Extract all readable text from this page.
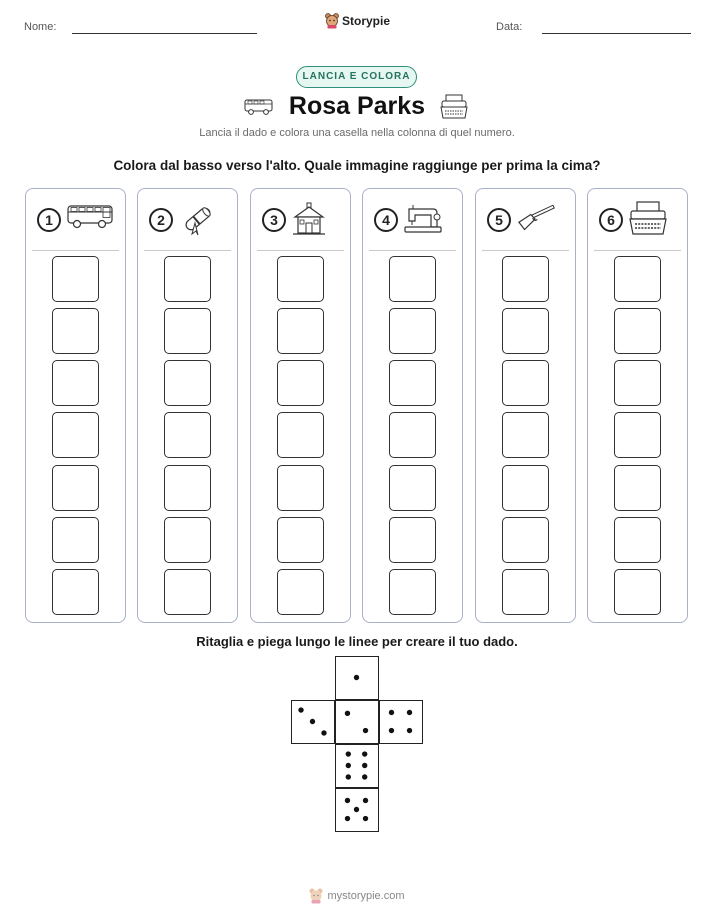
Nome:	Storypie	Data:
LANCIA E COLORA
Rosa Parks
Lancia il dado e colora una casella nella colonna di quel numero.
Colora dal basso verso l'alto. Quale immagine raggiunge per prima la cima?
1	2	3	4	5	6
Ritaglia e piega lungo le linee per creare il tuo dado.
mystorypie.com
